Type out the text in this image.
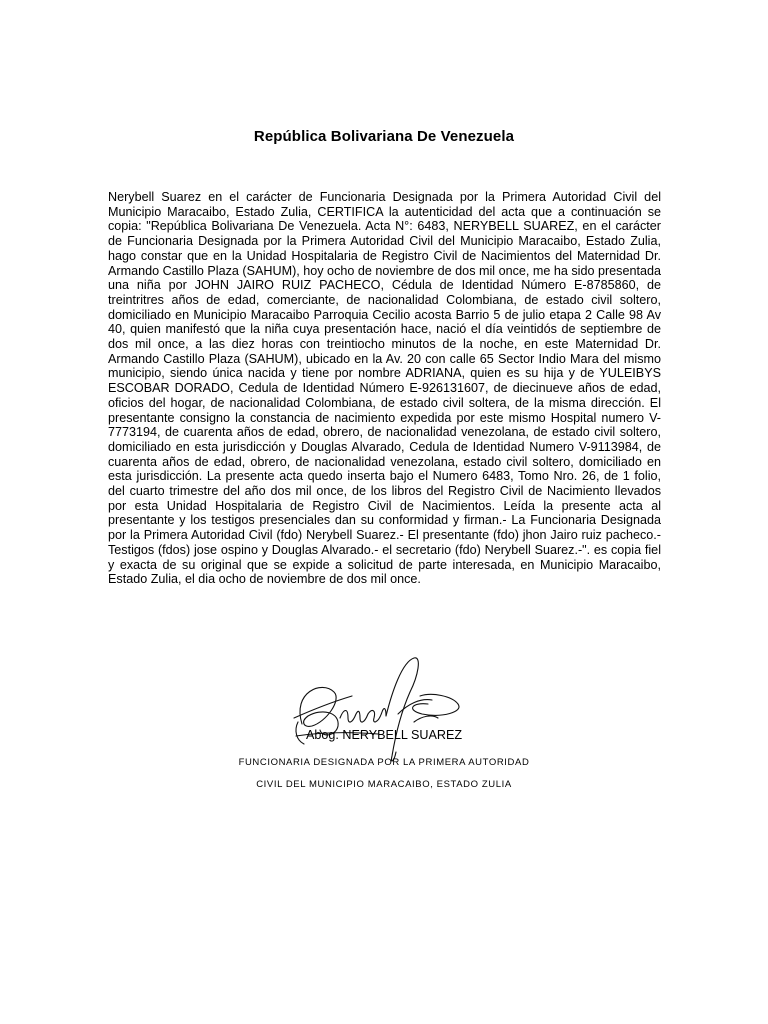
República Bolivariana De Venezuela

Nerybell Suarez en el carácter de Funcionaria Designada por la Primera Autoridad Civil del Municipio Maracaibo, Estado Zulia, CERTIFICA la autenticidad del acta que a continuación se copia: "República Bolivariana De Venezuela. Acta N°: 6483, NERYBELL SUAREZ, en el carácter de Funcionaria Designada por la Primera Autoridad Civil del Municipio Maracaibo, Estado Zulia, hago constar que en la Unidad Hospitalaria de Registro Civil de Nacimientos del Maternidad Dr. Armando Castillo Plaza (SAHUM), hoy ocho de noviembre de dos mil once, me ha sido presentada una niña por JOHN JAIRO RUIZ PACHECO, Cédula de Identidad Número E-8785860, de treintritres años de edad, comerciante, de nacionalidad Colombiana, de estado civil soltero, domiciliado en Municipio Maracaibo Parroquia Cecilio acosta Barrio 5 de julio etapa 2 Calle 98 Av 40, quien manifestó que la niña cuya presentación hace, nació el día veintidós de septiembre de dos mil once, a las diez horas con treintiocho minutos de la noche, en este Maternidad Dr. Armando Castillo Plaza (SAHUM), ubicado en la Av. 20 con calle 65 Sector Indio Mara del mismo municipio, siendo única nacida y tiene por nombre ADRIANA, quien es su hija y de YULEIBYS ESCOBAR DORADO, Cedula de Identidad Número E-926131607, de diecinueve años de edad, oficios del hogar, de nacionalidad Colombiana, de estado civil soltera, de la misma dirección. El presentante consigno la constancia de nacimiento expedida por este mismo Hospital numero V-7773194, de cuarenta años de edad, obrero, de nacionalidad venezolana, de estado civil soltero, domiciliado en esta jurisdicción y Douglas Alvarado, Cedula de Identidad Numero V-9113984, de cuarenta años de edad, obrero, de nacionalidad venezolana, estado civil soltero, domiciliado en esta jurisdicción. La presente acta quedo inserta bajo el Numero 6483, Tomo Nro. 26, de 1 folio, del cuarto trimestre del año dos mil once, de los libros del Registro Civil de Nacimiento llevados por esta Unidad Hospitalaria de Registro Civil de Nacimientos. Leída la presente acta al presentante y los testigos presenciales dan su conformidad y firman.- La Funcionaria Designada por la Primera Autoridad Civil (fdo) Nerybell Suarez.- El presentante (fdo) jhon Jairo ruiz pacheco.- Testigos (fdos) jose ospino y Douglas Alvarado.- el secretario (fdo) Nerybell Suarez.-". es copia fiel y exacta de su original que se expide a solicitud de parte interesada, en Municipio Maracaibo, Estado Zulia, el dia ocho de noviembre de dos mil once.

Abog. NERYBELL SUAREZ
FUNCIONARIA DESIGNADA POR LA PRIMERA AUTORIDAD
CIVIL DEL MUNICIPIO MARACAIBO, ESTADO ZULIA
